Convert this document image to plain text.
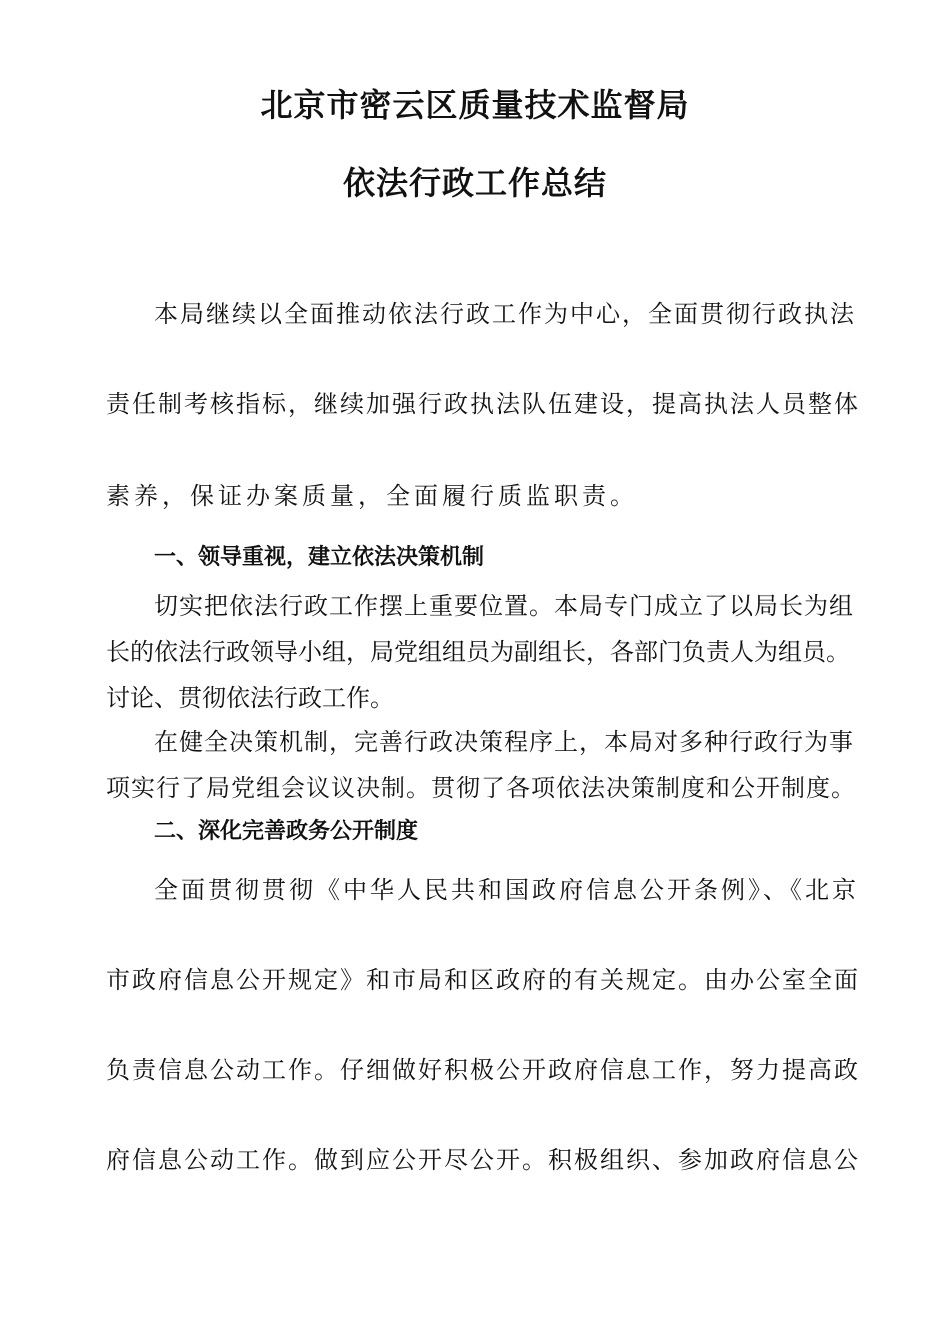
北京市密云区质量技术监督局
依法行政工作总结
本局继续以全面推动依法行政工作为中心，全面贯彻行政执法
责任制考核指标，继续加强行政执法队伍建设，提高执法人员整体
素养，保证办案质量，全面履行质监职责。
一、领导重视，建立依法决策机制
切实把依法行政工作摆上重要位置。本局专门成立了以局长为组
长的依法行政领导小组，局党组组员为副组长，各部门负责人为组员。
讨论、贯彻依法行政工作。
在健全决策机制，完善行政决策程序上，本局对多种行政行为事
项实行了局党组会议议决制。贯彻了各项依法决策制度和公开制度。
二、深化完善政务公开制度
全面贯彻贯彻《中华人民共和国政府信息公开条例》、《北京
市政府信息公开规定》和市局和区政府的有关规定。由办公室全面
负责信息公动工作。仔细做好积极公开政府信息工作，努力提高政
府信息公动工作。做到应公开尽公开。积极组织、参加政府信息公
